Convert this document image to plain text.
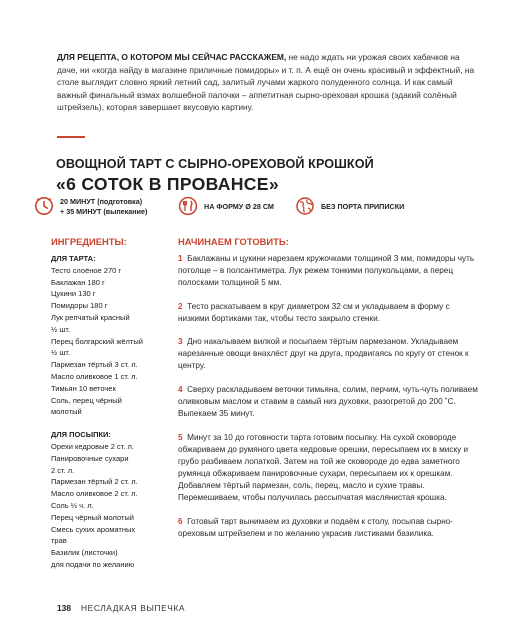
ДЛЯ РЕЦЕПТА, О КОТОРОМ МЫ СЕЙЧАС РАССКАЖЕМ, не надо ждать ни урожая своих кабачков на даче, ни «когда найду в магазине приличные помидоры» и т. п. А ещё он очень красивый и эффектный, на столе выглядит словно яркий летний сад, залитый лучами жаркого полуденного солнца. И как самый важный финальный взмах волшебной палочки – аппетитная сырно-ореховая крошка (эдакий солёный штрейзель), которая завершает вкусовую картину.
ОВОЩНОЙ ТАРТ С СЫРНО-ОРЕХОВОЙ КРОШКОЙ
«6 СОТОК В ПРОВАНСЕ»
20 МИНУТ (подготовка)
+ 35 МИНУТ (выпекание)
НА ФОРМУ Ø 28 СМ	БЕЗ ПОРТА ПРИПИСКИ
ИНГРЕДИЕНТЫ:	НАЧИНАЕМ ГОТОВИТЬ:
ДЛЯ ТАРТА:
Тесто слоёное 270 г
Баклажан 180 г
Цукини 130 г
Помидоры 180 г
Лук репчатый красный
½ шт.
Перец болгарский жёлтый
½ шт.
Пармезан тёртый 3 ст. л.
Масло оливковое 1 ст. л.
Тимьян 10 веточек
Соль, перец чёрный
молотый
ДЛЯ ПОСЫПКИ:
Орехи кедровые 2 ст. л.
Панировочные сухари
2 ст. л.
Пармезан тёртый 2 ст. л.
Масло оливковое 2 ст. л.
Соль ½ ч. л.
Перец чёрный молотый
Смесь сухих ароматных
трав
Базилик (листочки)
для подачи по желанию
1 Баклажаны и цукини нарезаем кружочками толщиной 3 мм, помидоры чуть потолще – в полсантиметра. Лук режем тонкими полукольцами, а перец полосками толщиной 5 мм.
2 Тесто раскатываем в круг диаметром 32 см и укладываем в форму с низкими бортиками так, чтобы тесто закрыло стенки.
3 Дно накалываем вилкой и посыпаем тёртым пармезаном. Укладываем нарезанные овощи внахлёст друг на друга, продвигаясь по кругу от стенок к центру.
4 Сверху раскладываем веточки тимьяна, солим, перчим, чуть-чуть поливаем оливковым маслом и ставим в самый низ духовки, разогретой до 200 ˚С. Выпекаем 35 минут.
5 Минут за 10 до готовности тарта готовим посыпку. На сухой сковороде обжариваем до румяного цвета кедровые орешки, пересыпаем их в миску и грубо разбиваем лопаткой. Затем на той же сковороде до едва заметного румянца обжариваем панировочные сухари, пересыпаем их к орешкам. Добавляем тёртый пармезан, соль, перец, масло и сухие травы. Перемешиваем, чтобы получилась рассыпчатая маслянистая крошка.
6 Готовый тарт вынимаем из духовки и подаём к столу, посыпав сырно-ореховым штрейзелем и по желанию украсив листиками базилика.
138 НЕСЛАДКАЯ ВЫПЕЧКА
